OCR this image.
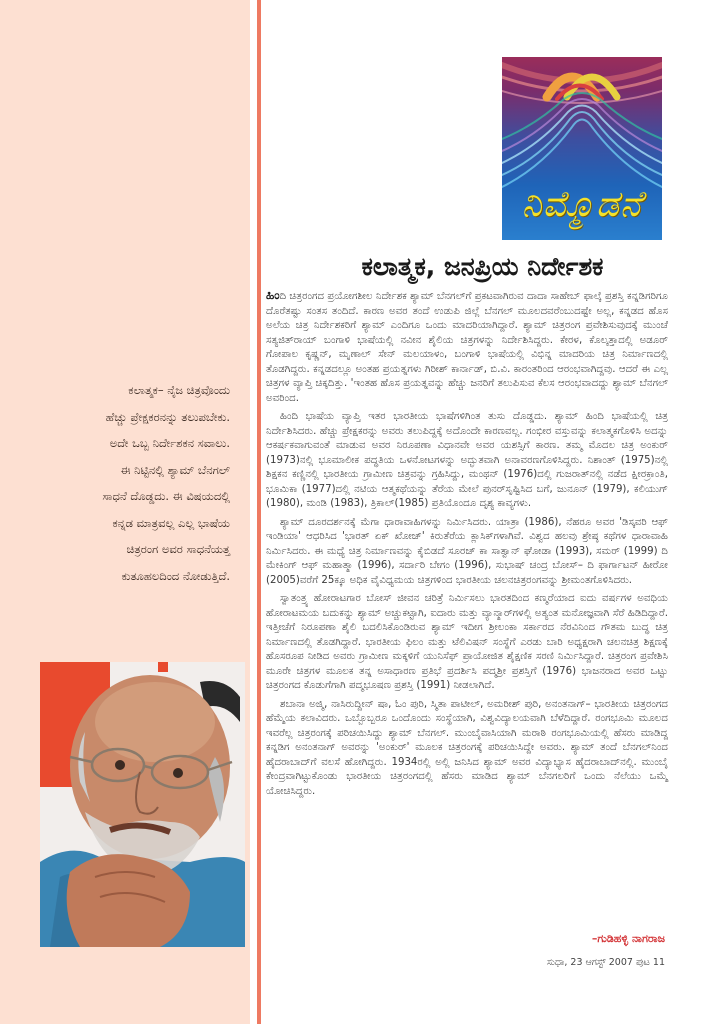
ನಿಮ್ಮೊಡನೆ
ಕಲಾತ್ಮಕ, ಜನಪ್ರಿಯ ನಿರ್ದೇಶಕ

ಹಿಂದಿ ಚಿತ್ರರಂಗದ ಪ್ರಯೋಗಶೀಲ ನಿರ್ದೇಶಕ ಶ್ಯಾಮ್ ಬೆನಗಲ್‌ಗೆ ಪ್ರಕಟವಾಗಿರುವ ದಾದಾ ಸಾಹೇಬ್ ಫಾಲ್ಕೆ ಪ್ರಶಸ್ತಿ ಕನ್ನಡಿಗರಿಗೂ ದೊರೆತಷ್ಟು ಸಂತಸ ತಂದಿದೆ. ಕಾರಣ ಅವರ ತಂದೆ ಉಡುಪಿ ಜಿಲ್ಲೆ ಬೆನಗಲ್ ಮೂಲದವರೆಂಬುದಷ್ಟೇ ಅಲ್ಲ, ಕನ್ನಡದ ಹೊಸ ಅಲೆಯ ಚಿತ್ರ ನಿರ್ದೇಶಕರಿಗೆ ಶ್ಯಾಮ್ ಎಂದಿಗೂ ಒಂದು ಮಾದರಿಯಾಗಿದ್ದಾರೆ. ಶ್ಯಾಮ್ ಚಿತ್ರರಂಗ ಪ್ರವೇಶಿಸುವುದಕ್ಕೆ ಮುಂಚೆ ಸತ್ಯಜಿತ್‌ರಾಯ್ ಬಂಗಾಳಿ ಭಾಷೆಯಲ್ಲಿ ನವೀನ ಶೈಲಿಯ ಚಿತ್ರಗಳನ್ನು ನಿರ್ದೇಶಿಸಿದ್ದರು. ಕೇರಳ, ಕೊಲ್ಕತ್ತಾದಲ್ಲಿ ಅಡೂರ್ ಗೋಪಾಲ ಕೃಷ್ಣನ್, ಮೃಣಾಲ್ ಸೇನ್ ಮಲಯಾಳಂ, ಬಂಗಾಳಿ ಭಾಷೆಯಲ್ಲಿ ವಿಭಿನ್ನ ಮಾದರಿಯ ಚಿತ್ರ ನಿರ್ಮಾಣದಲ್ಲಿ ತೊಡಗಿದ್ದರು. ಕನ್ನಡದಲ್ಲೂ ಅಂತಹ ಪ್ರಯತ್ನಗಳು ಗಿರೀಶ್ ಕಾರ್ನಾಡ್, ಬಿ.ವಿ. ಕಾರಂತರಿಂದ ಆರಂಭವಾಗಿದ್ದವು. ಆದರೆ ಈ ಎಲ್ಲ ಚಿತ್ರಗಳ ವ್ಯಾಪ್ತಿ ಚಿಕ್ಕದಿತ್ತು. 'ಇಂತಹ ಹೊಸ ಪ್ರಯತ್ನವನ್ನು ಹೆಚ್ಚು ಜನರಿಗೆ ತಲುಪಿಸುವ ಕೆಲಸ ಆರಂಭವಾದದ್ದು ಶ್ಯಾಮ್ ಬೆನಗಲ್ ಅವರಿಂದ.

ಹಿಂದಿ ಭಾಷೆಯ ವ್ಯಾಪ್ತಿ ಇತರ ಭಾರತೀಯ ಭಾಷೆಗಳಿಗಿಂತ ತುಸು ದೊಡ್ಡದು. ಶ್ಯಾಮ್ ಹಿಂದಿ ಭಾಷೆಯಲ್ಲಿ ಚಿತ್ರ ನಿರ್ದೇಶಿಸಿದರು. ಹೆಚ್ಚು ಪ್ರೇಕ್ಷಕರನ್ನು ಅವರು ತಲುಪಿದ್ದಕ್ಕೆ ಅದೊಂದೇ ಕಾರಣವಲ್ಲ. ಗಂಭೀರ ವಸ್ತುವನ್ನು ಕಲಾತ್ಮಕಗೊಳಿಸಿ ಅದನ್ನು ಆಕರ್ಷಕವಾಗುವಂತೆ ಮಾಡುವ ಅವರ ನಿರೂಪಣಾ ವಿಧಾನವೇ ಅವರ ಯಶಸ್ಸಿಗೆ ಕಾರಣ. ತಮ್ಮ ಮೊದಲ ಚಿತ್ರ ಅಂಕುರ್ (1973)ನಲ್ಲಿ ಭೂಮಾಲೀಕ ಪದ್ಧತಿಯ ಒಳನೋಟಗಳನ್ನು ಅದ್ಭುತವಾಗಿ ಅನಾವರಣಗೊಳಿಸಿದ್ದರು. ನಿಶಾಂತ್ (1975)ನಲ್ಲಿ ಶಿಕ್ಷಕನ ಕಣ್ಣಿನಲ್ಲಿ ಭಾರತೀಯ ಗ್ರಾಮೀಣ ಚಿತ್ರವನ್ನು ಗ್ರಹಿಸಿದ್ದು, ಮಂಥನ್ (1976)ದಲ್ಲಿ ಗುಜರಾತ್‌ನಲ್ಲಿ ನಡೆದ ಕ್ಷೀರಕ್ರಾಂತಿ, ಭೂಮಿಕಾ (1977)ದಲ್ಲಿ ನಟಿಯ ಆತ್ಮಕಥೆಯನ್ನು ತೆರೆಯ ಮೇಲೆ ಪುನರ್‌ಸೃಷ್ಟಿಸಿದ ಬಗೆ, ಜುನೂನ್ (1979), ಕಲಿಯುಗ್ (1980), ಮಂಡಿ (1983), ತ್ರಿಕಾಲ್(1985) ಪ್ರತಿಯೊಂದೂ ದೃಶ್ಯ ಕಾವ್ಯಗಳು.

ಶ್ಯಾಮ್ ದೂರದರ್ಶನಕ್ಕೆ ಮೆಗಾ ಧಾರಾವಾಹಿಗಳನ್ನು ನಿರ್ಮಿಸಿದರು. ಯಾತ್ರಾ (1986), ನೆಹರೂ ಅವರ 'ಡಿಸ್ಕವರಿ ಆಫ್ ಇಂಡಿಯಾ' ಆಧರಿಸಿದ 'ಭಾರತ್ ಏಕ್ ಖೋಜ್' ಕಿರುತೆರೆಯ ಕ್ಲಾಸಿಕ್‌ಗಳಾಗಿವೆ. ವಿಶ್ವದ ಹಲವು ಶ್ರೇಷ್ಠ ಕಥೆಗಳ ಧಾರಾವಾಹಿ ನಿರ್ಮಿಸಿದರು. ಈ ಮಧ್ಯೆ ಚಿತ್ರ ನಿರ್ಮಾಣವನ್ನು ಕೈಬಿಡದೆ ಸೂರಜ್ ಕಾ ಸಾತ್ವಾನ್ ಘೋಡಾ (1993), ಸಮರ್ (1999) ದಿ ಮೇಕಿಂಗ್ ಆಫ್ ಮಹಾತ್ಮಾ (1996), ಸರ್ದಾರಿ ಬೇಗಂ (1996), ಸುಭಾಷ್ ಚಂದ್ರ ಬೋಸ್– ದಿ ಫಾರ್ಗಾಟನ್ ಹೀರೋ (2005)ವರೆಗೆ 25ಕ್ಕೂ ಅಧಿಕ ವೈವಿಧ್ಯಮಯ ಚಿತ್ರಗಳಿಂದ ಭಾರತೀಯ ಚಲನಚಿತ್ರರಂಗವನ್ನು ಶ್ರೀಮಂತಗೊಳಿಸಿದರು.

ಸ್ವಾತಂತ್ರ್ಯ ಹೋರಾಟಗಾರ ಬೋಸ್ ಜೀವನ ಚರಿತ್ರೆ ನಿರ್ಮಿಸಲು ಭಾರತದಿಂದ ಕಣ್ಮರೆಯಾದ ಐದು ವರ್ಷಗಳ ಅವಧಿಯ ಹೋರಾಟಮಯ ಬದುಕನ್ನು ಶ್ಯಾಮ್ ಅಚ್ಚುಕಟ್ಟಾಗಿ, ಐದಾರು ಮತ್ತು ವ್ಯಾನ್ಮಾರ್‌ಗಳಲ್ಲಿ ಅತ್ಯಂತ ಮನೋಜ್ಞವಾಗಿ ಸೆರೆ ಹಿಡಿದಿದ್ದಾರೆ. ಇತ್ತೀಚೆಗೆ ನಿರೂಪಣಾ ಶೈಲಿ ಬದಲಿಸಿಕೊಂಡಿರುವ ಶ್ಯಾಮ್ ಇದೀಗ ಶ್ರೀಲಂಕಾ ಸರ್ಕಾರದ ನೆರವಿನಿಂದ ಗೌತಮ ಬುದ್ಧ ಚಿತ್ರ ನಿರ್ಮಾಣದಲ್ಲಿ ತೊಡಗಿದ್ದಾರೆ. ಭಾರತೀಯ ಫಿಲಂ ಮತ್ತು ಟೆಲಿವಿಷನ್ ಸಂಸ್ಥೆಗೆ ಎರಡು ಬಾರಿ ಅಧ್ಯಕ್ಷರಾಗಿ ಚಲನಚಿತ್ರ ಶಿಕ್ಷಣಕ್ಕೆ ಹೊಸರೂಪ ನೀಡಿದ ಅವರು ಗ್ರಾಮೀಣ ಮಕ್ಕಳಿಗೆ ಯುನಿಸೆಫ್ ಪ್ರಾಯೋಜಿತ ಶೈಕ್ಷಣಿಕ ಸರಣಿ ನಿರ್ಮಿಸಿದ್ದಾರೆ. ಚಿತ್ರರಂಗ ಪ್ರವೇಶಿಸಿ ಮೂರೇ ಚಿತ್ರಗಳ ಮೂಲಕ ತನ್ನ ಅಸಾಧಾರಣ ಪ್ರತಿಭೆ ಪ್ರದರ್ಶಿಸಿ ಪದ್ಮಶ್ರೀ ಪ್ರಶಸ್ತಿಗೆ (1976) ಭಾಜನರಾದ ಅವರ ಒಟ್ಟು ಚಿತ್ರರಂಗದ ಕೊಡುಗೆಗಾಗಿ ಪದ್ಮಭೂಷಣ ಪ್ರಶಸ್ತಿ (1991) ನೀಡಲಾಗಿದೆ.

ಶಬಾನಾ ಅಜ್ಮಿ, ನಾಸಿರುದ್ದೀನ್ ಷಾ, ಓಂ ಪುರಿ, ಸ್ಮಿತಾ ಪಾಟೀಲ್, ಅಮರೀಶ್ ಪುರಿ, ಅನಂತನಾಗ್– ಭಾರತೀಯ ಚಿತ್ರರಂಗದ ಹೆಮ್ಮೆಯ ಕಲಾವಿದರು. ಒಬ್ಬೊಬ್ಬರೂ ಒಂದೊಂದು ಸಂಸ್ಥೆಯಾಗಿ, ವಿಶ್ವವಿದ್ಯಾಲಯವಾಗಿ ಬೆಳೆದಿದ್ದಾರೆ. ರಂಗಭೂಮಿ ಮೂಲದ ಇವರೆಲ್ಲ ಚಿತ್ರರಂಗಕ್ಕೆ ಪರಿಚಯಿಸಿದ್ದು ಶ್ಯಾಮ್ ಬೆನಗಲ್. ಮುಂಬೈವಾಸಿಯಾಗಿ ಮರಾಠಿ ರಂಗಭೂಮಿಯಲ್ಲಿ ಹೆಸರು ಮಾಡಿದ್ದ ಕನ್ನಡಿಗ ಅನಂತನಾಗ್ ಅವರನ್ನು 'ಅಂಕುರ್' ಮೂಲಕ ಚಿತ್ರರಂಗಕ್ಕೆ ಪರಿಚಯಿಸಿದ್ದೇ ಅವರು. ಶ್ಯಾಮ್ ತಂದೆ ಬೆನಗಲ್‌ನಿಂದ ಹೈದರಾಬಾದ್‌ಗೆ ವಲಸೆ ಹೋಗಿದ್ದರು. 1934ರಲ್ಲಿ ಅಲ್ಲಿ ಜನಿಸಿದ ಶ್ಯಾಮ್ ಅವರ ವಿದ್ಯಾಭ್ಯಾಸ ಹೈದರಾಬಾದ್‌ನಲ್ಲಿ. ಮುಂಬೈ ಕೇಂದ್ರವಾಗಿಟ್ಟುಕೊಂಡು ಭಾರತೀಯ ಚಿತ್ರರಂಗದಲ್ಲಿ ಹೆಸರು ಮಾಡಿದ ಶ್ಯಾಮ್ ಬೆನಗಲರಿಗೆ ಒಂದು ನೆಲೆಯು ಒಮ್ಮೆ ಯೋಚಿಸಿದ್ದರು.

ಕಲಾತ್ಮಕ– ನೈಜ ಚಿತ್ರವೊಂದು
ಹೆಚ್ಚು ಪ್ರೇಕ್ಷಕರನನ್ನು ತಲುಪಬೇಕು.
ಅದೇ ಒಬ್ಬ ನಿರ್ದೇಶಕನ ಸವಾಲು.
ಈ ನಿಟ್ಟಿನಲ್ಲಿ ಶ್ಯಾಮ್ ಬೆನಗಲ್
ಸಾಧನೆ ದೊಡ್ಡದು. ಈ ವಿಷಯದಲ್ಲಿ
ಕನ್ನಡ ಮಾತ್ರವಲ್ಲ ಎಲ್ಲ ಭಾಷೆಯ
ಚಿತ್ರರಂಗ ಅವರ ಸಾಧನೆಯತ್ತ
ಕುತೂಹಲದಿಂದ ನೋಡುತ್ತಿದೆ.
–ಗುಡಿಹಳ್ಳಿ ನಾಗರಾಜ
ಸುಧಾ, 23 ಆಗಸ್ಟ್ 2007 ಪುಟ 11
